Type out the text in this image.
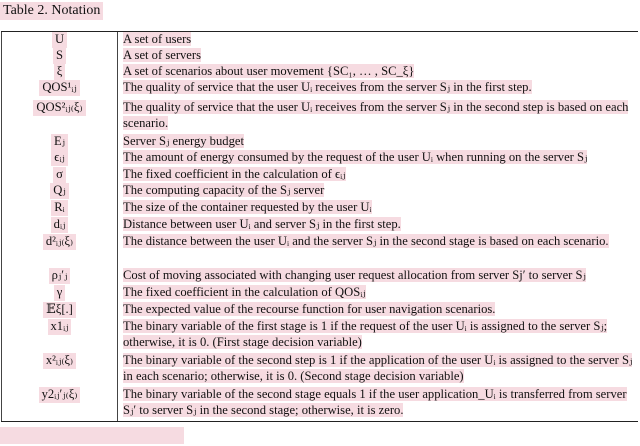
Table 2. Notation
U	A set of users
S	A set of servers
ξ	A set of scenarios about user movement {SC₁, … , SC_ξ}
QOS¹ᵢⱼ	The quality of service that the user Uᵢ receives from the server Sⱼ in the first step.
QOS²ᵢⱼ₍ξ₎	The quality of service that the user Uᵢ receives from the server Sⱼ in the second step is based on each scenario.
Eⱼ	Server Sⱼ energy budget
ϵᵢⱼ	The amount of energy consumed by the request of the user Uᵢ when running on the server Sⱼ
σ	The fixed coefficient in the calculation of ϵᵢⱼ
Qⱼ	The computing capacity of the Sⱼ server
Rᵢ	The size of the container requested by the user Uᵢ
dᵢⱼ	Distance between user Uᵢ and server Sⱼ in the first step.
d²ᵢⱼ₍ξ₎	The distance between the user Uᵢ and the server Sⱼ in the second stage is based on each scenario.
ρⱼ′ⱼ	Cost of moving associated with changing user request allocation from server Sj′ to server Sⱼ
γ	The fixed coefficient in the calculation of QOSᵢⱼ
𝔼ξ[.]	The expected value of the recourse function for user navigation scenarios.
x1ᵢⱼ	The binary variable of the first stage is 1 if the request of the user Uᵢ is assigned to the server Sⱼ; otherwise, it is 0. (First stage decision variable)
x²ᵢⱼ₍ξ₎	The binary variable of the second step is 1 if the application of the user Uᵢ is assigned to the server Sⱼ in each scenario; otherwise, it is 0. (Second stage decision variable)
y2ᵢⱼ′ⱼ₍ξ₎	The binary variable of the second stage equals 1 if the user application_Uᵢ is transferred from server Sⱼ′ to server Sⱼ in the second stage; otherwise, it is zero.
